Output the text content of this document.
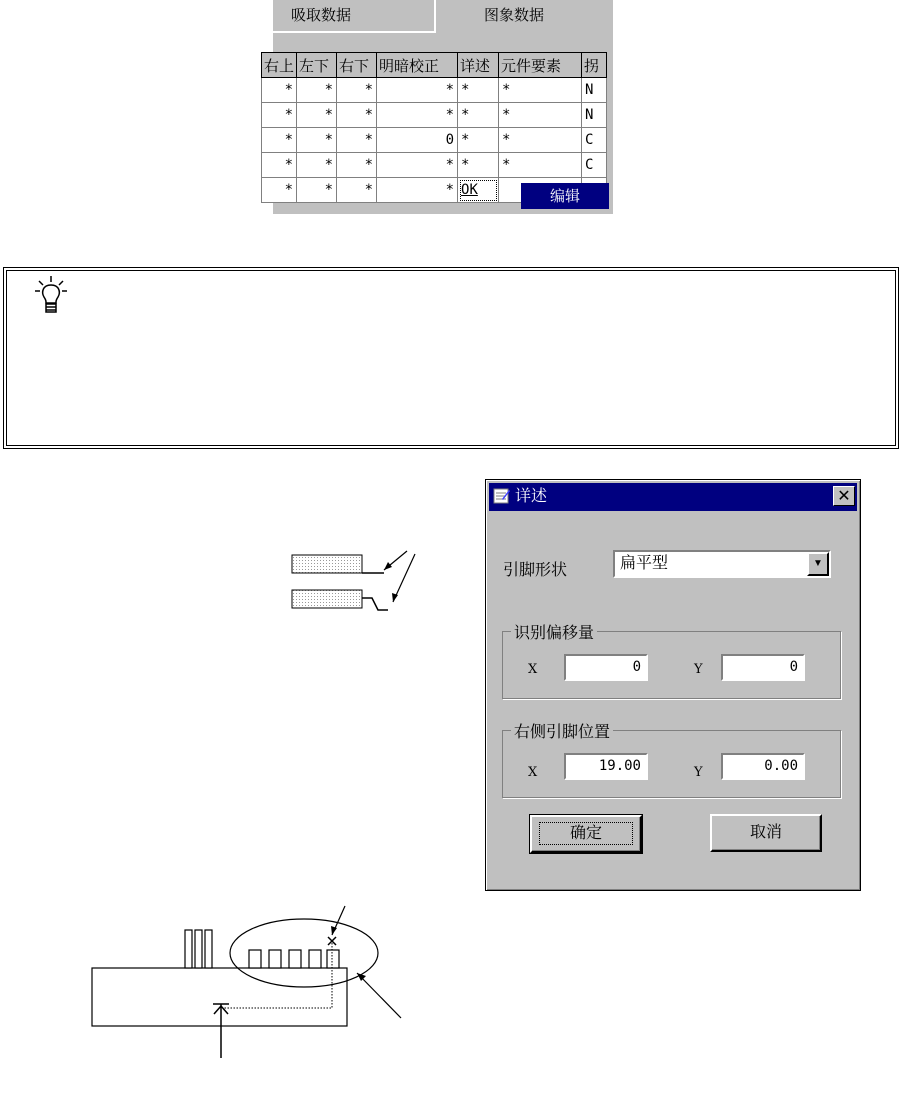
吸取数据	图象数据
右上	左下	右下	明暗校正	详述	元件要素	拐
*	*	*	*	*	*	N
*	*	*	*	*	*	N
*	*	*	0	*	*	C
*	*	*	*	*	*	C
*	*	*	*	OK			编辑
详述	✕
引脚形状	扁平型	▼
识别偏移量
X	0	Y	0
右侧引脚位置
X	19.00	Y	0.00
确定	取消
